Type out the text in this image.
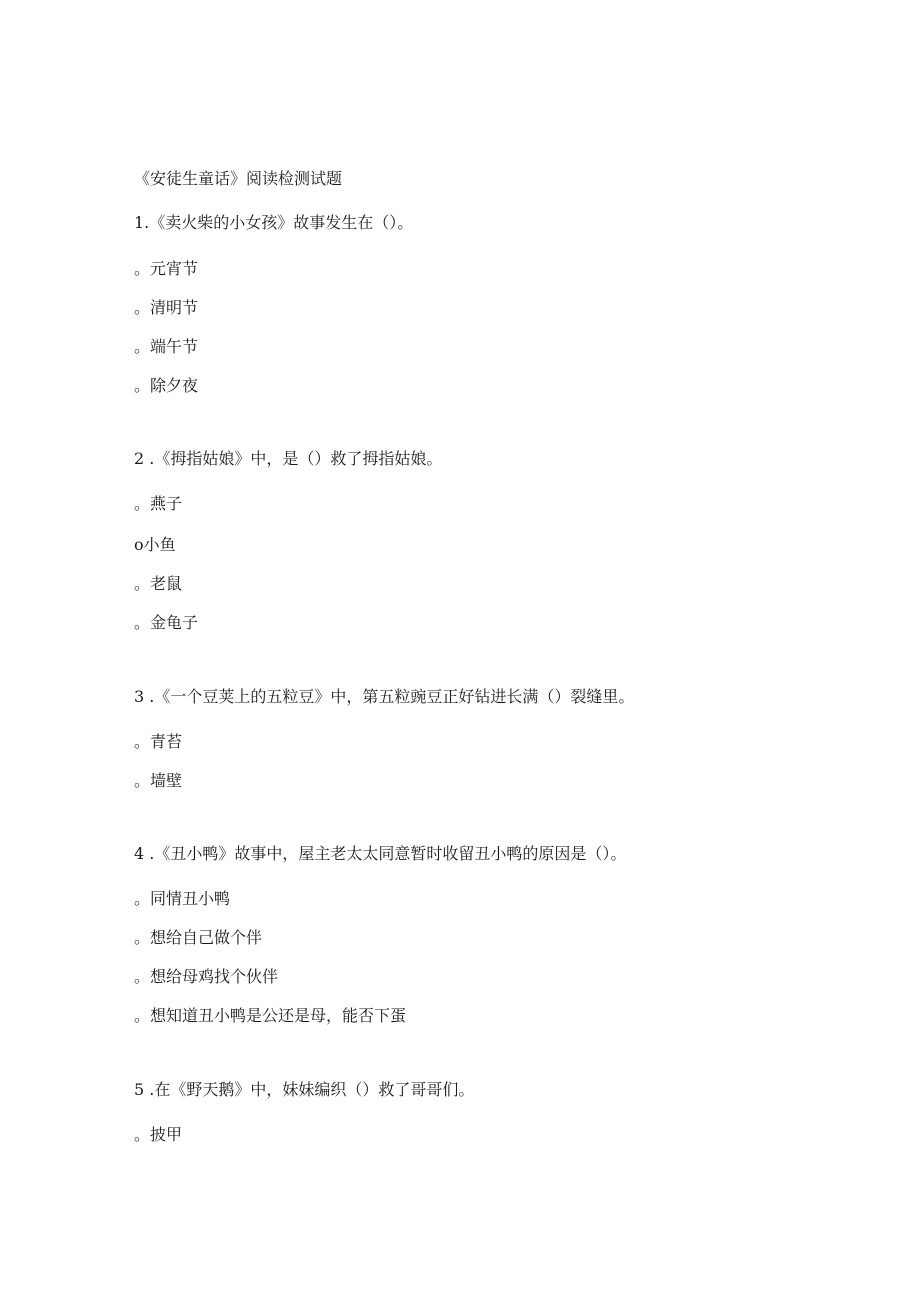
《安徒生童话》阅读检测试题
1.《卖火柴的小女孩》故事发生在（）。
。元宵节
。清明节
。端午节
。除夕夜
2 .《拇指姑娘》中，是（）救了拇指姑娘。
。燕子
o小鱼
。老鼠
。金龟子
3 .《一个豆荚上的五粒豆》中，第五粒豌豆正好钻进长满（）裂缝里。
。青苔
。墙壁
4 .《丑小鸭》故事中，屋主老太太同意暂时收留丑小鸭的原因是（）。
。同情丑小鸭
。想给自己做个伴
。想给母鸡找个伙伴
。想知道丑小鸭是公还是母，能否下蛋
5 .在《野天鹅》中，妹妹编织（）救了哥哥们。
。披甲
